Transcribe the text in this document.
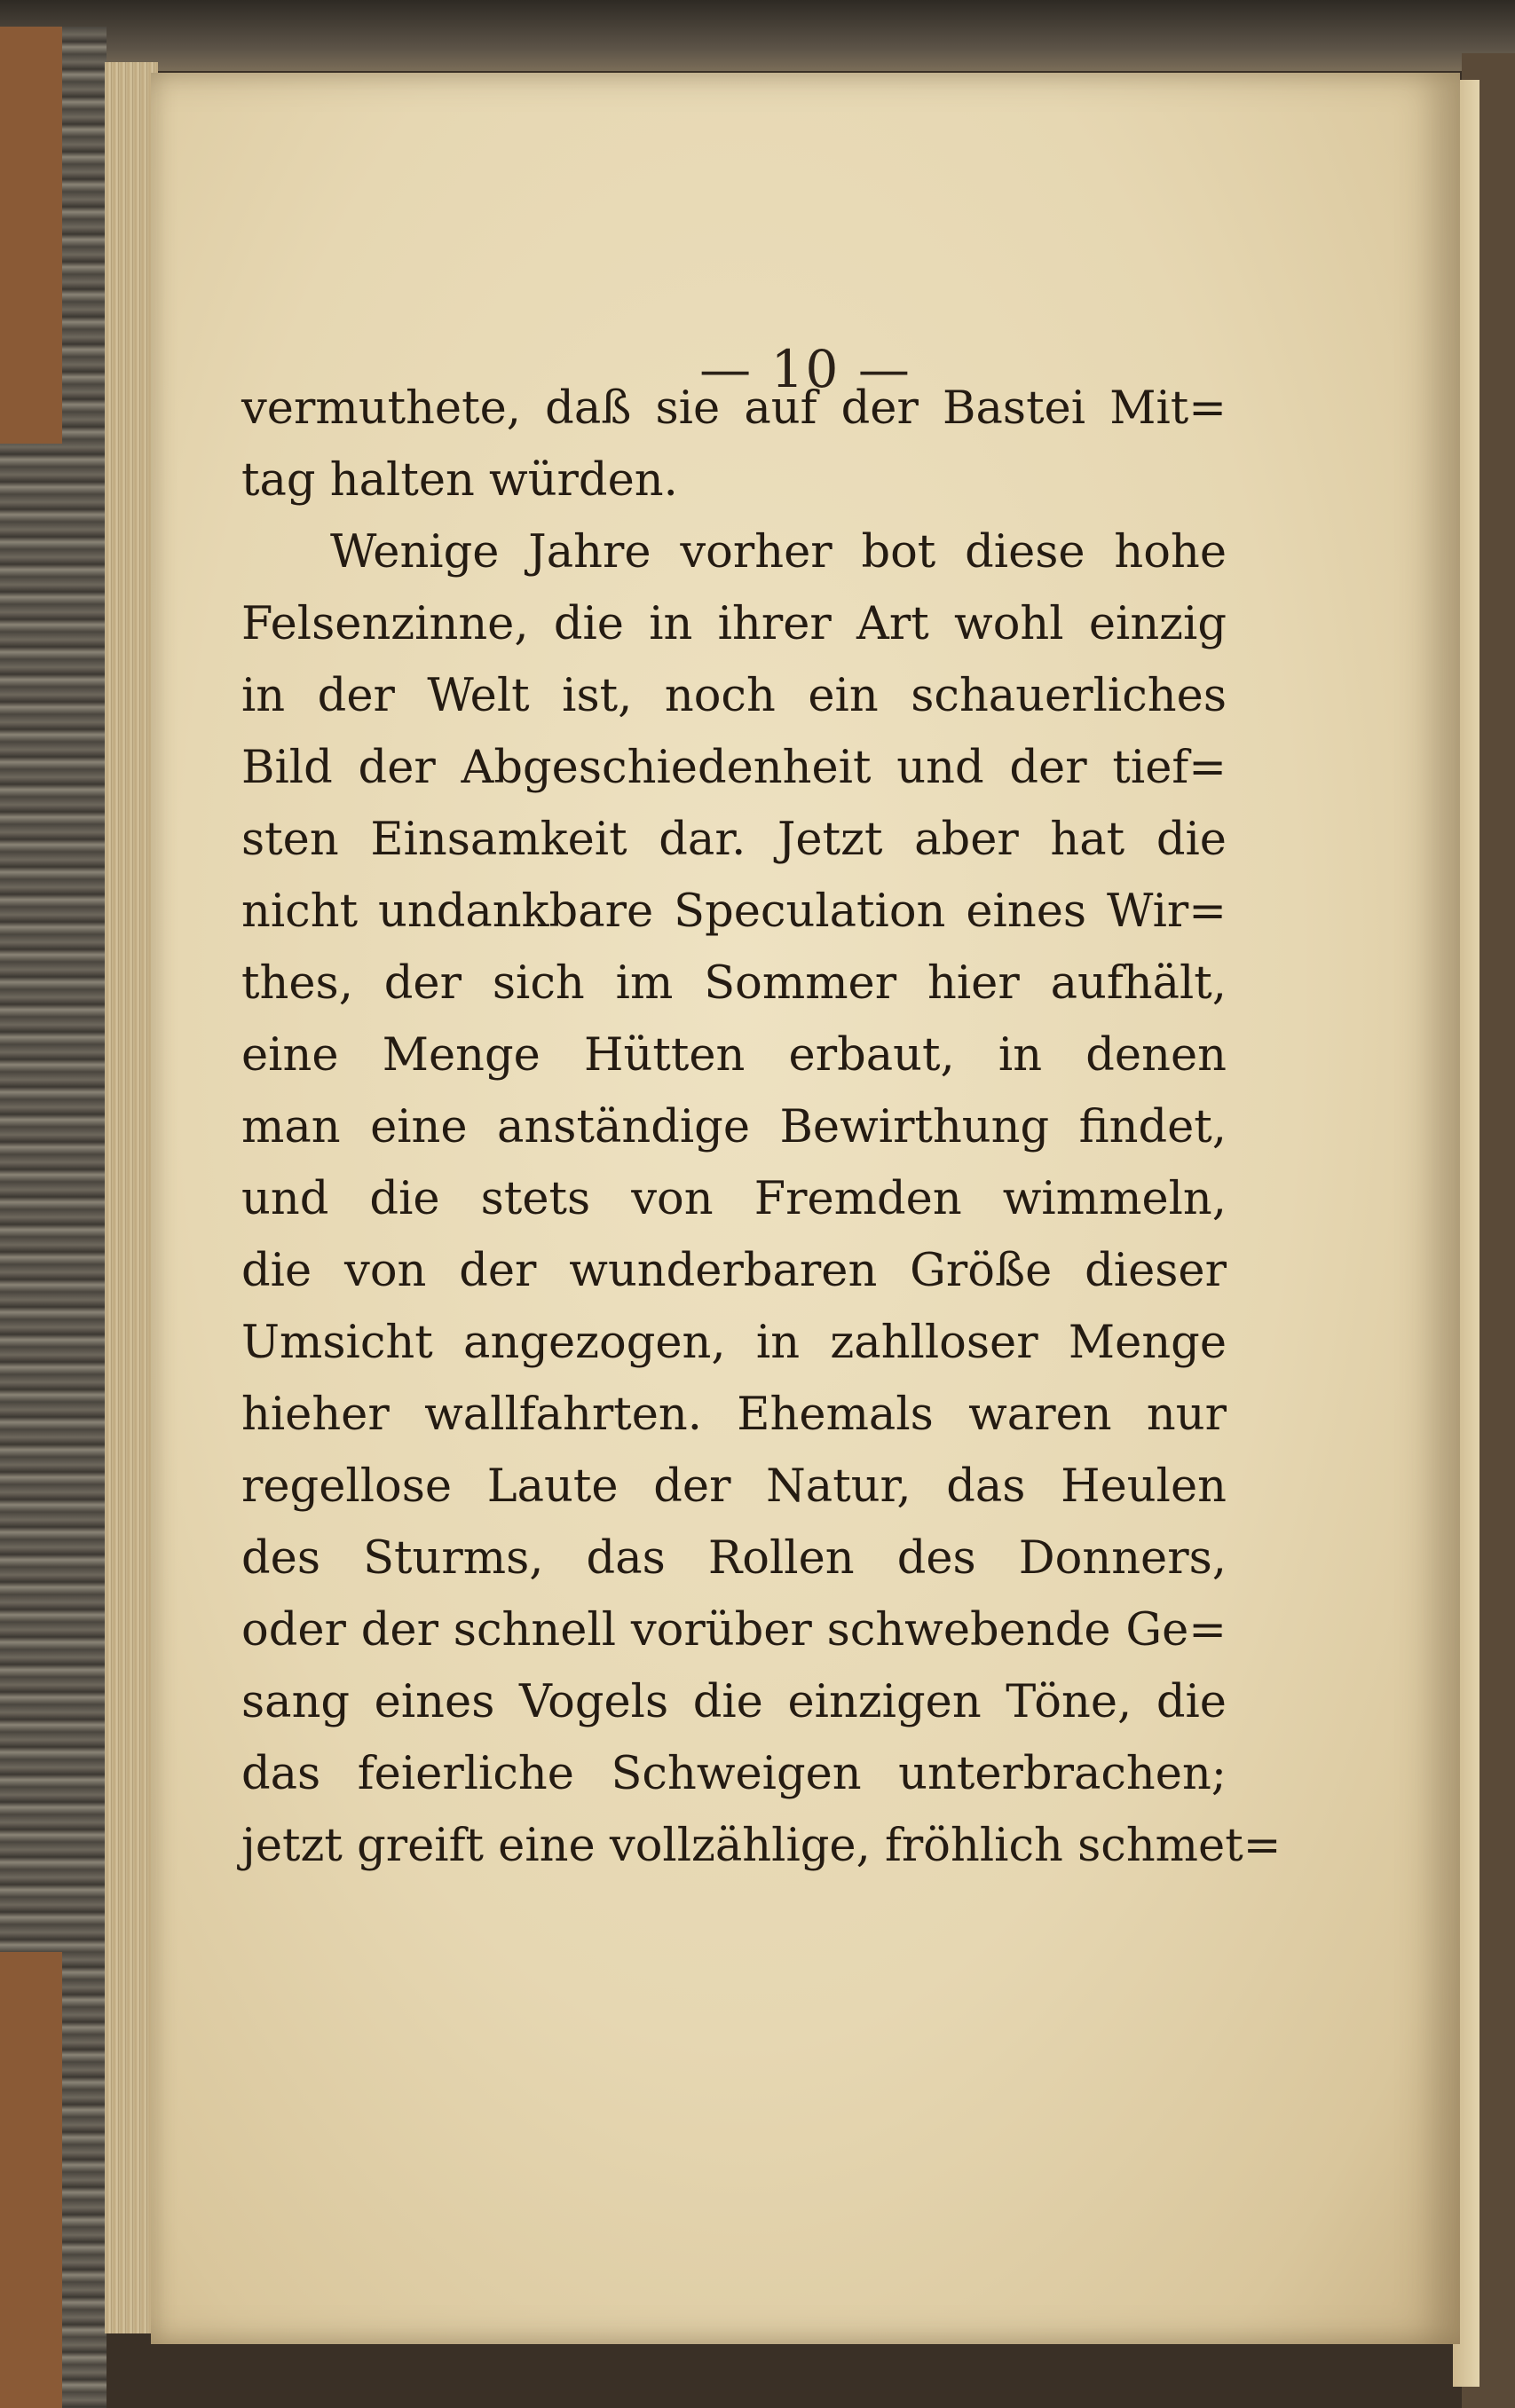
— 10 —
vermuthete, daß sie auf der Bastei Mit=
tag halten würden.
Wenige Jahre vorher bot diese hohe
Felsenzinne, die in ihrer Art wohl einzig
in der Welt ist, noch ein schauerliches
Bild der Abgeschiedenheit und der tief=
sten Einsamkeit dar. Jetzt aber hat die
nicht undankbare Speculation eines Wir=
thes, der sich im Sommer hier aufhält,
eine Menge Hütten erbaut, in denen
man eine anständige Bewirthung findet,
und die stets von Fremden wimmeln,
die von der wunderbaren Größe dieser
Umsicht angezogen, in zahlloser Menge
hieher wallfahrten. Ehemals waren nur
regellose Laute der Natur, das Heulen
des Sturms, das Rollen des Donners,
oder der schnell vorüber schwebende Ge=
sang eines Vogels die einzigen Töne, die
das feierliche Schweigen unterbrachen;
jetzt greift eine vollzählige, fröhlich schmet=
